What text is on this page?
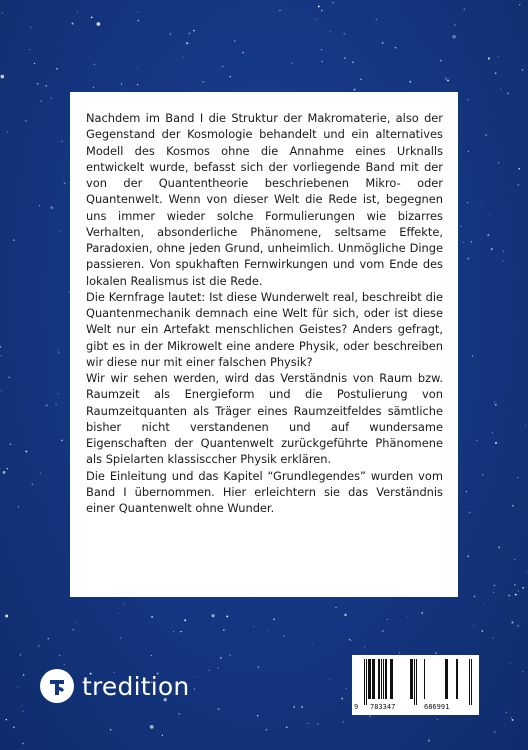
Nachdem im Band I die Struktur der Makromaterie, also der Gegenstand der Kosmologie behandelt und ein alternatives Modell des Kosmos ohne die Annahme eines Urknalls entwickelt wurde, befasst sich der vorliegende Band mit der von der Quantentheorie beschriebenen Mikro- oder Quantenwelt. Wenn von dieser Welt die Rede ist, begegnen uns immer wieder solche Formulierungen wie bizarres Verhalten, absonderliche Phänomene, seltsame Effekte, Paradoxien, ohne jeden Grund, unheimlich. Unmögliche Dinge passieren. Von spukhaften Fernwirkungen und vom Ende des lokalen Realismus ist die Rede.

Die Kernfrage lautet: Ist diese Wunderwelt real, beschreibt die Quantenmechanik demnach eine Welt für sich, oder ist diese Welt nur ein Artefakt menschlichen Geistes? Anders gefragt, gibt es in der Mikrowelt eine andere Physik, oder beschreiben wir diese nur mit einer falschen Physik?

Wir wir sehen werden, wird das Verständnis von Raum bzw. Raumzeit als Energieform und die Postulierung von Raumzeitquanten als Träger eines Raumzeitfeldes sämtliche bisher nicht verstandenen und auf wundersame Eigenschaften der Quantenwelt zurückgeführte Phänomene als Spielarten klassisccher Physik erklären.

Die Einleitung und das Kapitel “Grundlegendes” wurden vom Band I übernommen. Hier erleichtern sie das Verständnis einer Quantenwelt ohne Wunder.

tredition
9 783347	686991
